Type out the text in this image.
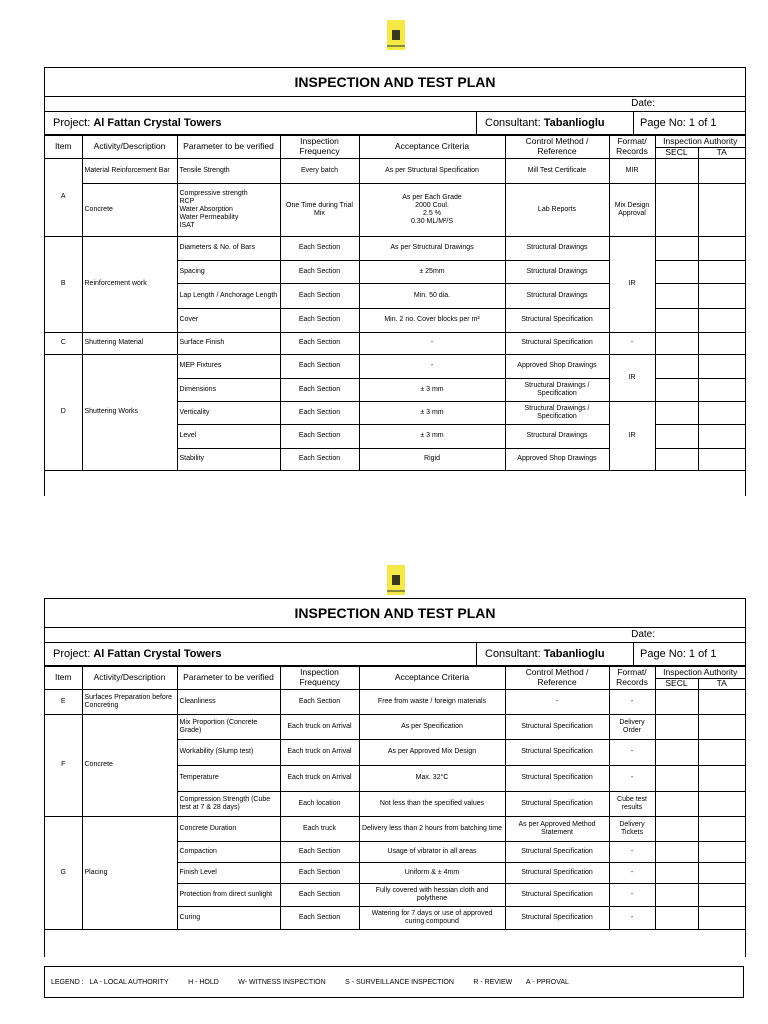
INSPECTION AND TEST PLAN
Date:
Project: Al Fattan Crystal Towers	Consultant: Tabanlioglu	Page No: 1 of 1
Item	Activity/Description	Parameter to be verified	Inspection Frequency	Acceptance Criteria	Control Method / Reference	Format/ Records	Inspection Authority	
							SECL	TA
A	Material Reinforcement Bar	Tensile Strength	Every batch	As per Structural Specification	Mill Test Certificate	MIR		
	Concrete	Compressive strength
RCP
Water Absorption
Water Permeability
ISAT	One Time during Trial Mix	As per Each Grade
2000 Coul.
2.5 %
0.30 ML/M²/S	Lab Reports	Mix Design Approval		
B	Reinforcement work	Diameters & No. of Bars	Each Section	As per Structural Drawings	Structural Drawings	IR		
		Spacing	Each Section	± 25mm	Structural Drawings			
		Lap Length / Anchorage Length	Each Section	Min. 50 dia.	Structural Drawings			
		Cover	Each Section	Min. 2 no. Cover blocks per m²	Structural Specification			
C	Shuttering Material	Surface Finish	Each Section	-	Structural Specification	-		
D	Shuttering Works	MEP Fixtures	Each Section	-	Approved Shop Drawings	IR		
		Dimensions	Each Section	± 3 mm	Structural Drawings / Specification			
		Verticality	Each Section	± 3 mm	Structural Drawings / Specification	IR		
		Level	Each Section	± 3 mm	Structural Drawings			
		Stability	Each Section	Rigid	Approved Shop Drawings			
INSPECTION AND TEST PLAN
Date:
Project: Al Fattan Crystal Towers	Consultant: Tabanlioglu	Page No: 1 of 1
Item	Activity/Description	Parameter to be verified	Inspection Frequency	Acceptance Criteria	Control Method / Reference	Format/ Records	Inspection Authority	
							SECL	TA
E	Surfaces Preparation before Concreting	Cleanliness	Each Section	Free from waste / foreign materials	-	-		
F	Concrete	Mix Proportion (Concrete Grade)	Each truck on Arrival	As per Specification	Structural Specification	Delivery Order		
		Workability (Slump test)	Each truck on Arrival	As per Approved Mix Design	Structural Specification	-		
		Temperature	Each truck on Arrival	Max. 32°C	Structural Specification	-		
		Compression Strength (Cube test at 7 & 28 days)	Each location	Not less than the specified values	Structural Specification	Cube test results		
G	Placing	Concrete Duration	Each truck	Delivery less than 2 hours from batching time	As per Approved Method Statement	Delivery Tickets		
		Compaction	Each Section	Usage of vibrator in all areas	Structural Specification	-		
		Finish Level	Each Section	Uniform & ± 4mm	Structural Specification	-		
		Protection from direct sunlight	Each Section	Fully covered with hessian cloth and polythene	Structural Specification	-		
		Curing	Each Section	Watering for 7 days or use of approved curing compound	Structural Specification	-		
LEGEND :
LA - LOCAL AUTHORITY
	H - HOLD
	W- WITNESS INSPECTION
	S - SURVEILLANCE INSPECTION
	R - REVIEW
A - PPROVAL
